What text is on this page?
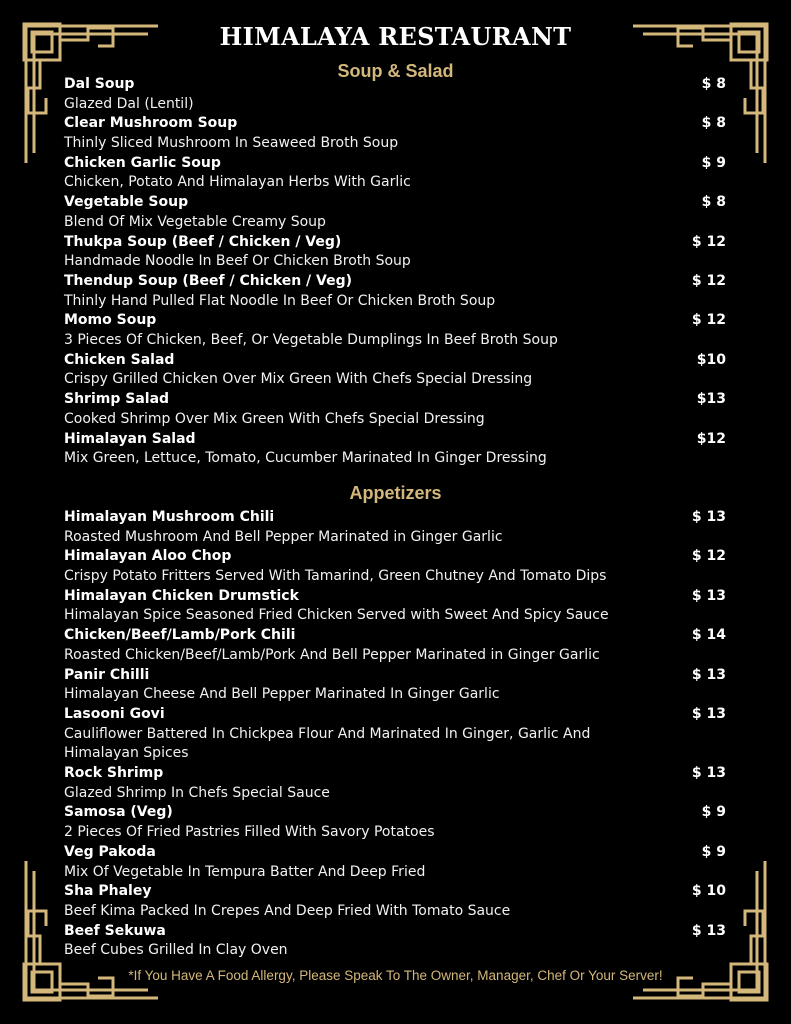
HIMALAYA RESTAURANT
Soup & Salad
Dal Soup	$ 8
Glazed Dal (Lentil)
Clear Mushroom Soup	$ 8
Thinly Sliced Mushroom In Seaweed Broth Soup
Chicken Garlic Soup	$ 9
Chicken, Potato And Himalayan Herbs With Garlic
Vegetable Soup	$ 8
Blend Of Mix Vegetable Creamy Soup
Thukpa Soup (Beef / Chicken / Veg)	$ 12
Handmade Noodle In Beef Or Chicken Broth Soup
Thendup Soup (Beef / Chicken / Veg)	$ 12
Thinly Hand Pulled Flat Noodle In Beef Or Chicken Broth Soup
Momo Soup	$ 12
3 Pieces Of Chicken, Beef, Or Vegetable Dumplings In Beef Broth Soup
Chicken Salad	$10
Crispy Grilled Chicken Over Mix Green With Chefs Special Dressing
Shrimp Salad	$13
Cooked Shrimp Over Mix Green With Chefs Special Dressing
Himalayan Salad	$12
Mix Green, Lettuce, Tomato, Cucumber Marinated In Ginger Dressing
Appetizers
Himalayan Mushroom Chili	$ 13
Roasted Mushroom And Bell Pepper Marinated in Ginger Garlic
Himalayan Aloo Chop	$ 12
Crispy Potato Fritters Served With Tamarind, Green Chutney And Tomato Dips
Himalayan Chicken Drumstick	$ 13
Himalayan Spice Seasoned Fried Chicken Served with Sweet And Spicy Sauce
Chicken/Beef/Lamb/Pork Chili	$ 14
Roasted Chicken/Beef/Lamb/Pork And Bell Pepper Marinated in Ginger Garlic
Panir Chilli	$ 13
Himalayan Cheese And Bell Pepper Marinated In Ginger Garlic
Lasooni Govi	$ 13
Cauliflower Battered In Chickpea Flour And Marinated In Ginger, Garlic And Himalayan Spices
Rock Shrimp	$ 13
Glazed Shrimp In Chefs Special Sauce
Samosa (Veg)	$ 9
2 Pieces Of Fried Pastries Filled With Savory Potatoes
Veg Pakoda	$ 9
Mix Of Vegetable In Tempura Batter And Deep Fried
Sha Phaley	$ 10
Beef Kima Packed In Crepes And Deep Fried With Tomato Sauce
Beef Sekuwa	$ 13
Beef Cubes Grilled In Clay Oven
*If You Have A Food Allergy, Please Speak To The Owner, Manager, Chef Or Your Server!
